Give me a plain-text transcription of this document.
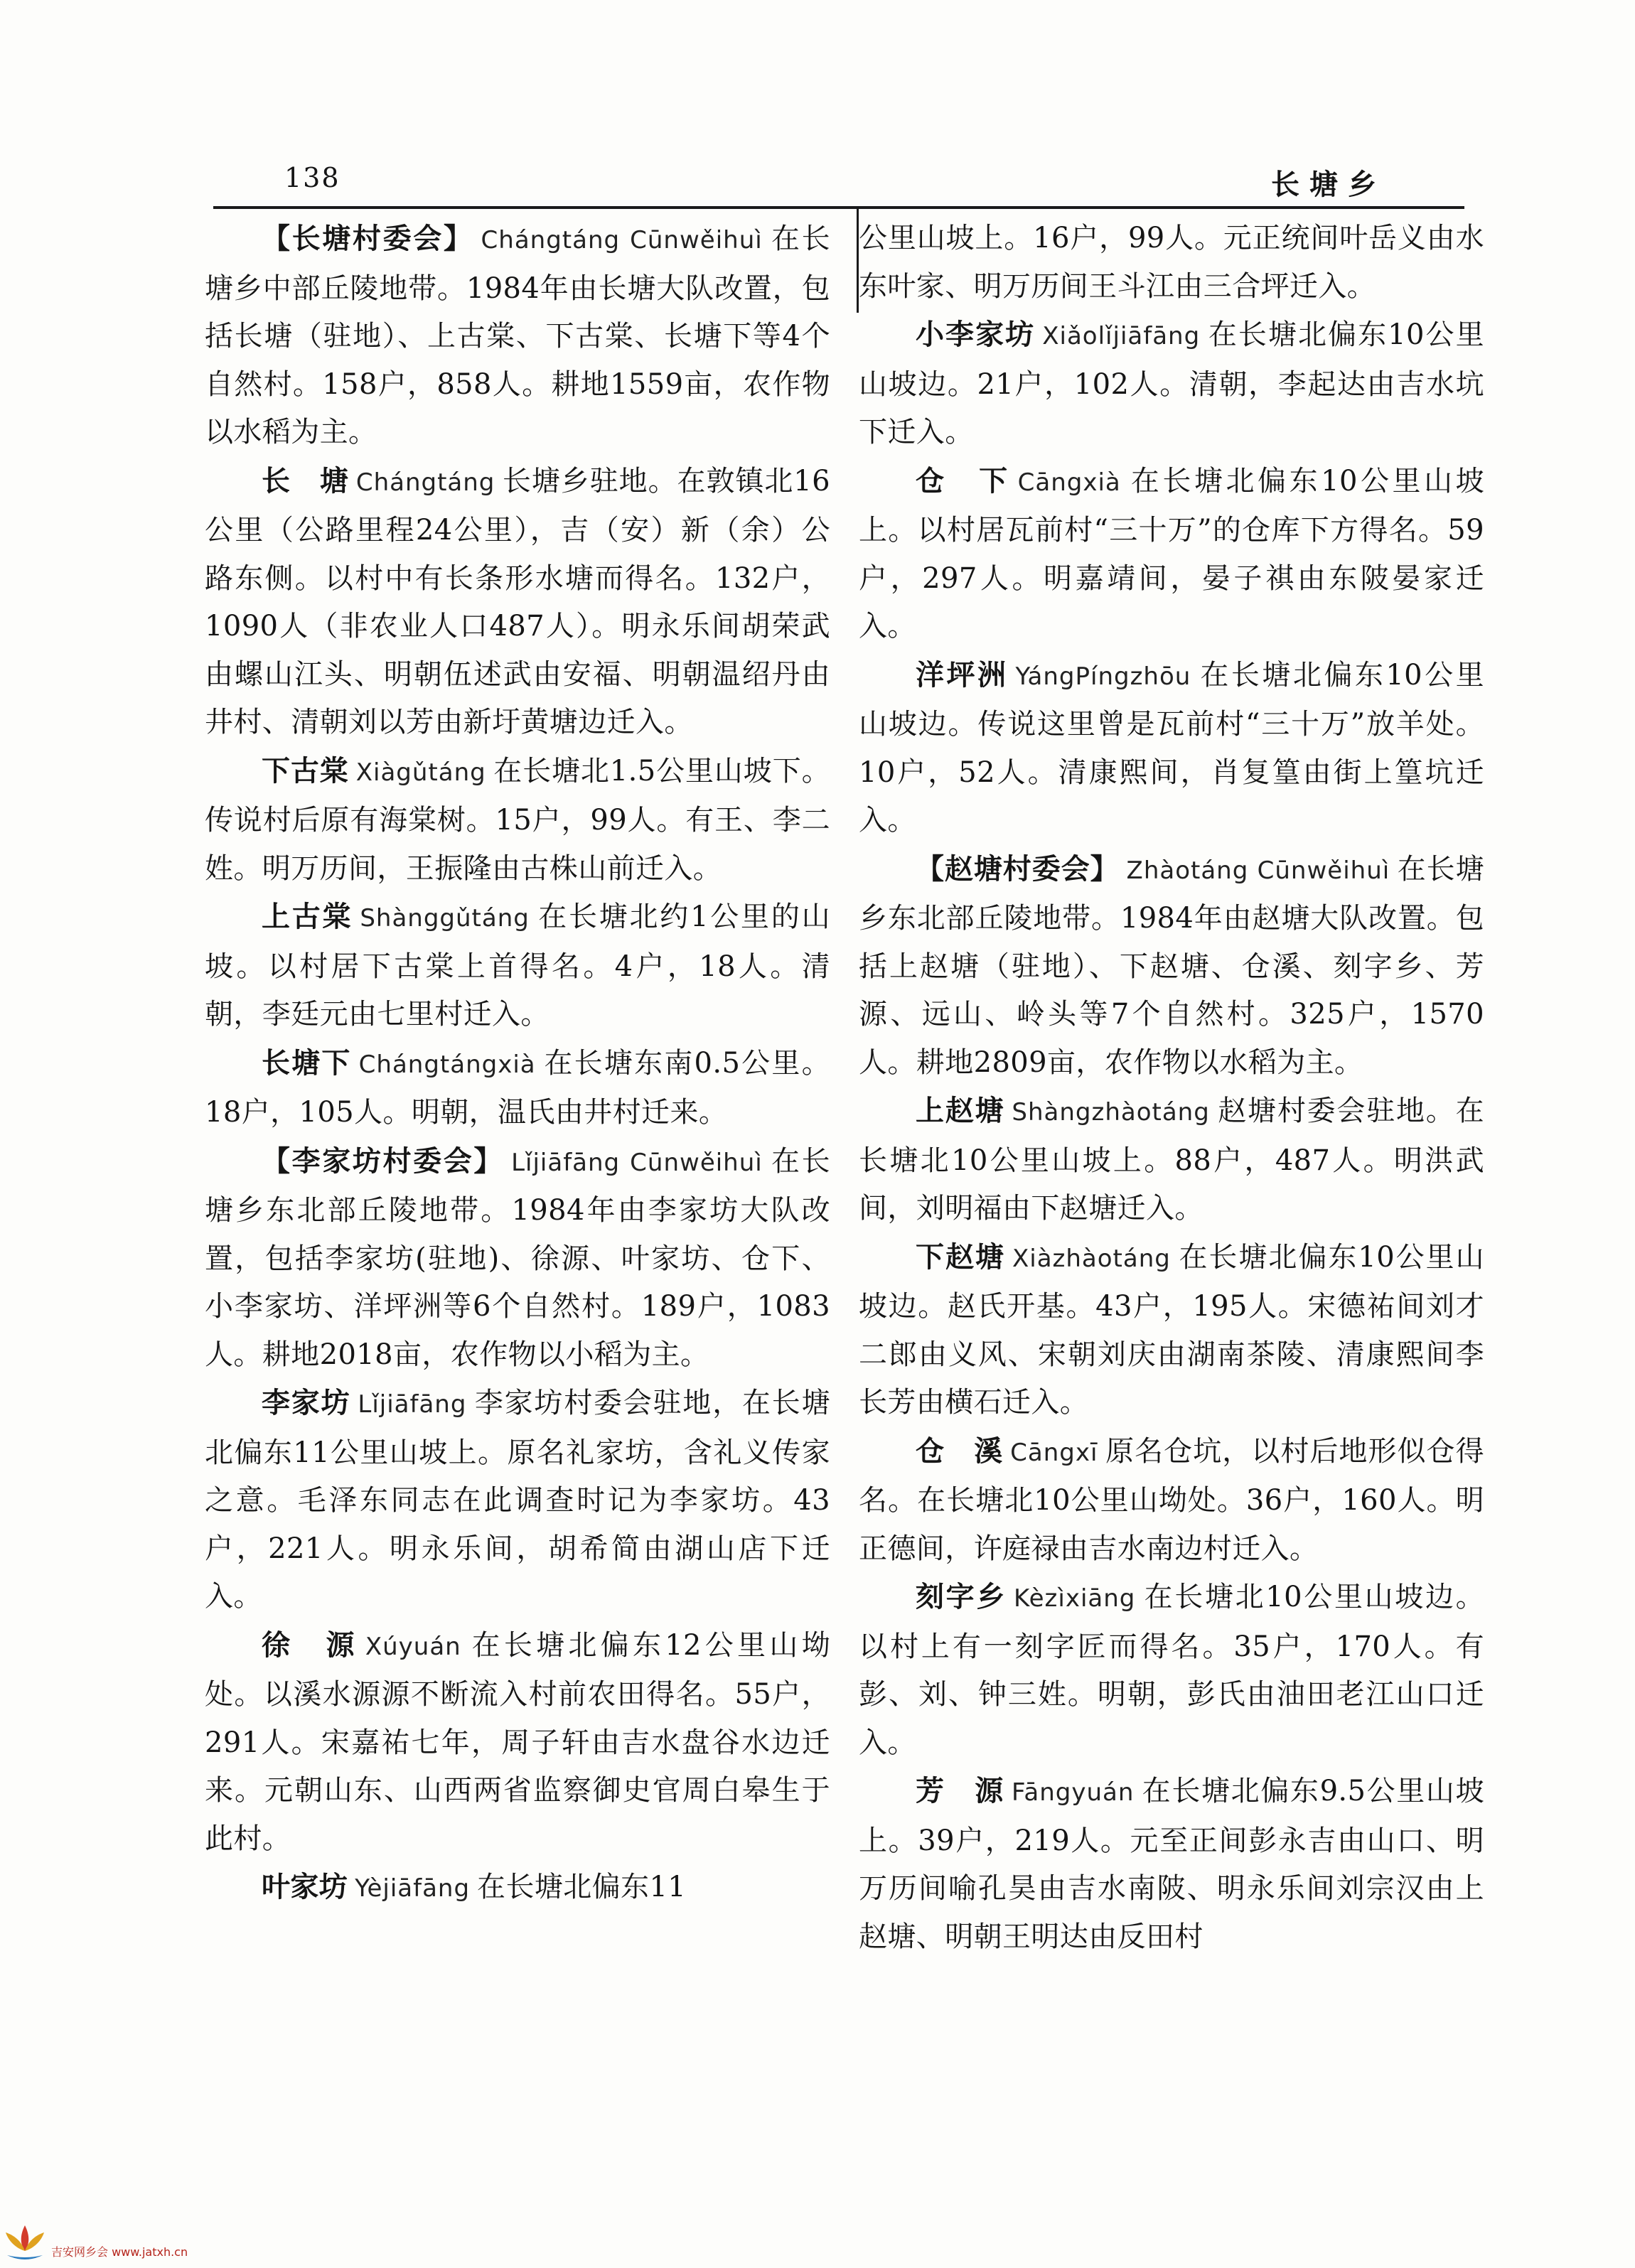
138	长塘乡

【长塘村委会】 Chángtáng Cūnwěihuì 在长塘乡中部丘陵地带。1984年由长塘大队改置，包括长塘（驻地）、上古棠、下古棠、长塘下等4个自然村。158户，858人。耕地1559亩，农作物以水稻为主。

长　塘 Chángtáng 长塘乡驻地。在敦镇北16公里（公路里程24公里），吉（安）新（余）公路东侧。以村中有长条形水塘而得名。132户，1090人（非农业人口487人）。明永乐间胡荣武由螺山江头、明朝伍述武由安福、明朝温绍丹由井村、清朝刘以芳由新圩黄塘边迁入。

下古棠 Xiàgǔtáng 在长塘北1.5公里山坡下。传说村后原有海棠树。15户，99人。有王、李二姓。明万历间，王振隆由古株山前迁入。

上古棠 Shànggǔtáng 在长塘北约1公里的山坡。以村居下古棠上首得名。4户，18人。清朝，李廷元由七里村迁入。

长塘下 Chángtángxià 在长塘东南0.5公里。18户，105人。明朝，温氏由井村迁来。

【李家坊村委会】 Lǐjiāfāng Cūnwěihuì 在长塘乡东北部丘陵地带。1984年由李家坊大队改置，包括李家坊(驻地)、徐源、叶家坊、仓下、小李家坊、洋坪洲等6个自然村。189户，1083人。耕地2018亩，农作物以小稻为主。

李家坊 Lǐjiāfāng 李家坊村委会驻地，在长塘北偏东11公里山坡上。原名礼家坊，含礼义传家之意。毛泽东同志在此调查时记为李家坊。43户，221人。明永乐间，胡希简由湖山店下迁入。

徐　源 Xúyuán 在长塘北偏东12公里山坳处。以溪水源源不断流入村前农田得名。55户，291人。宋嘉祐七年，周子轩由吉水盘谷水边迁来。元朝山东、山西两省监察御史官周白皋生于此村。

叶家坊 Yèjiāfāng 在长塘北偏东11

公里山坡上。16户，99人。元正统间叶岳义由水东叶家、明万历间王斗江由三合坪迁入。

小李家坊 Xiǎolǐjiāfāng 在长塘北偏东10公里山坡边。21户，102人。清朝，李起达由吉水坑下迁入。

仓　下 Cāngxià 在长塘北偏东10公里山坡上。以村居瓦前村“三十万”的仓库下方得名。59户，297人。明嘉靖间，晏子祺由东陂晏家迁入。

洋坪洲 YángPíngzhōu 在长塘北偏东10公里山坡边。传说这里曾是瓦前村“三十万”放羊处。10户，52人。清康熙间，肖复篁由街上篁坑迁入。

【赵塘村委会】 Zhàotáng Cūnwěihuì 在长塘乡东北部丘陵地带。1984年由赵塘大队改置。包括上赵塘（驻地）、下赵塘、仓溪、刻字乡、芳源、远山、岭头等7个自然村。325户，1570人。耕地2809亩，农作物以水稻为主。

上赵塘 Shàngzhàotáng 赵塘村委会驻地。在长塘北10公里山坡上。88户，487人。明洪武间，刘明福由下赵塘迁入。

下赵塘 Xiàzhàotáng 在长塘北偏东10公里山坡边。赵氏开基。43户，195人。宋德祐间刘才二郎由义风、宋朝刘庆由湖南茶陵、清康熙间李长芳由横石迁入。

仓　溪 Cāngxī 原名仓坑，以村后地形似仓得名。在长塘北10公里山坳处。36户，160人。明正德间，许庭禄由吉水南边村迁入。

刻字乡 Kèzìxiāng 在长塘北10公里山坡边。以村上有一刻字匠而得名。35户，170人。有彭、刘、钟三姓。明朝，彭氏由油田老江山口迁入。

芳　源 Fāngyuán 在长塘北偏东9.5公里山坡上。39户，219人。元至正间彭永吉由山口、明万历间喻孔昊由吉水南陂、明永乐间刘宗汉由上赵塘、明朝王明达由反田村

吉安网乡会 www.jatxh.cn
